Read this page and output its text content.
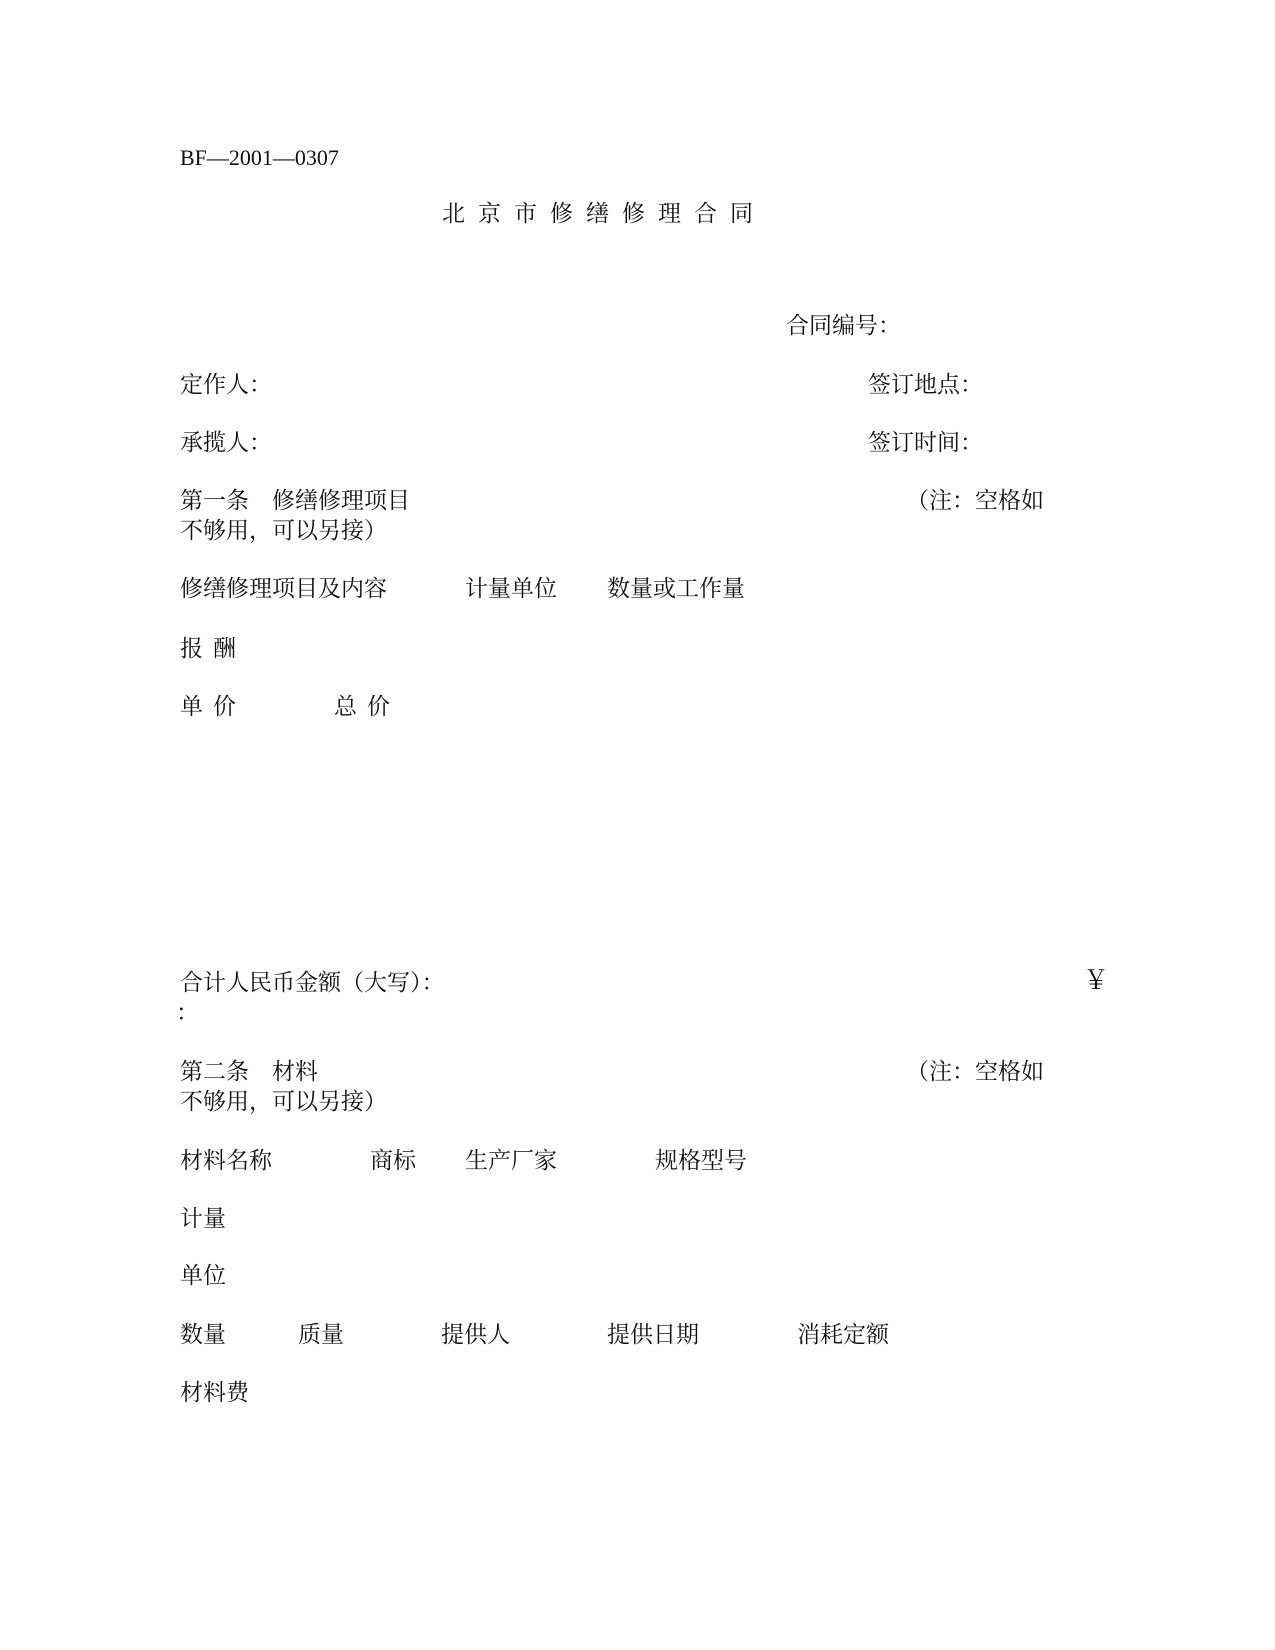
BF—2001—0307
北京市修缮修理合同
合同编号：
定作人：	签订地点：
承揽人：	签订时间：
第一条　修缮修理项目	（注：空格如
不够用，可以另接）
修缮修理项目及内容	计量单位 数量或工作量
报酬
单价	总价
合计人民币金额（大写）：	￥
：
第二条　材料	（注：空格如
不够用，可以另接）
材料名称	商标 生产厂家	规格型号
计量
单位
数量	质量	提供人	提供日期	消耗定额
材料费
